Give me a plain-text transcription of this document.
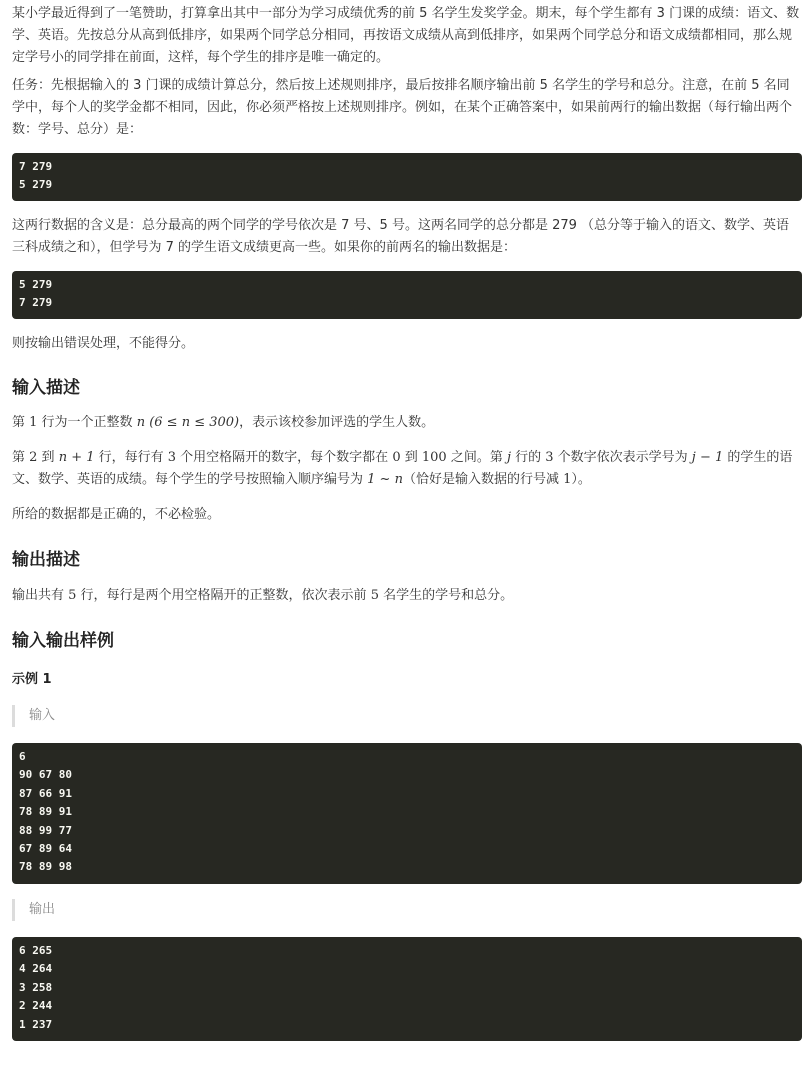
某小学最近得到了一笔赞助，打算拿出其中一部分为学习成绩优秀的前 5 名学生发奖学金。期末，每个学生都有 3 门课的成绩：语文、数学、英语。先按总分从高到低排序，如果两个同学总分相同，再按语文成绩从高到低排序，如果两个同学总分和语文成绩都相同，那么规定学号小的同学排在前面，这样，每个学生的排序是唯一确定的。

任务：先根据输入的 3 门课的成绩计算总分，然后按上述规则排序，最后按排名顺序输出前 5 名学生的学号和总分。注意，在前 5 名同学中，每个人的奖学金都不相同，因此，你必须严格按上述规则排序。例如，在某个正确答案中，如果前两行的输出数据（每行输出两个数：学号、总分）是：

7 279
5 279

这两行数据的含义是：总分最高的两个同学的学号依次是 7 号、5 号。这两名同学的总分都是 279 （总分等于输入的语文、数学、英语三科成绩之和），但学号为 7 的学生语文成绩更高一些。如果你的前两名的输出数据是：

5 279
7 279

则按输出错误处理，不能得分。

输入描述

第 1 行为一个正整数 n (6 ≤ n ≤ 300)，表示该校参加评选的学生人数。

第 2 到 n + 1 行，每行有 3 个用空格隔开的数字，每个数字都在 0 到 100 之间。第 j 行的 3 个数字依次表示学号为 j − 1 的学生的语文、数学、英语的成绩。每个学生的学号按照输入顺序编号为 1 ~ n（恰好是输入数据的行号减 1）。

所给的数据都是正确的，不必检验。

输出描述

输出共有 5 行，每行是两个用空格隔开的正整数，依次表示前 5 名学生的学号和总分。

输入输出样例
示例 1
输入
6
90 67 80
87 66 91
78 89 91
88 99 77
67 89 64
78 89 98
输出
6 265
4 264
3 258
2 244
1 237
